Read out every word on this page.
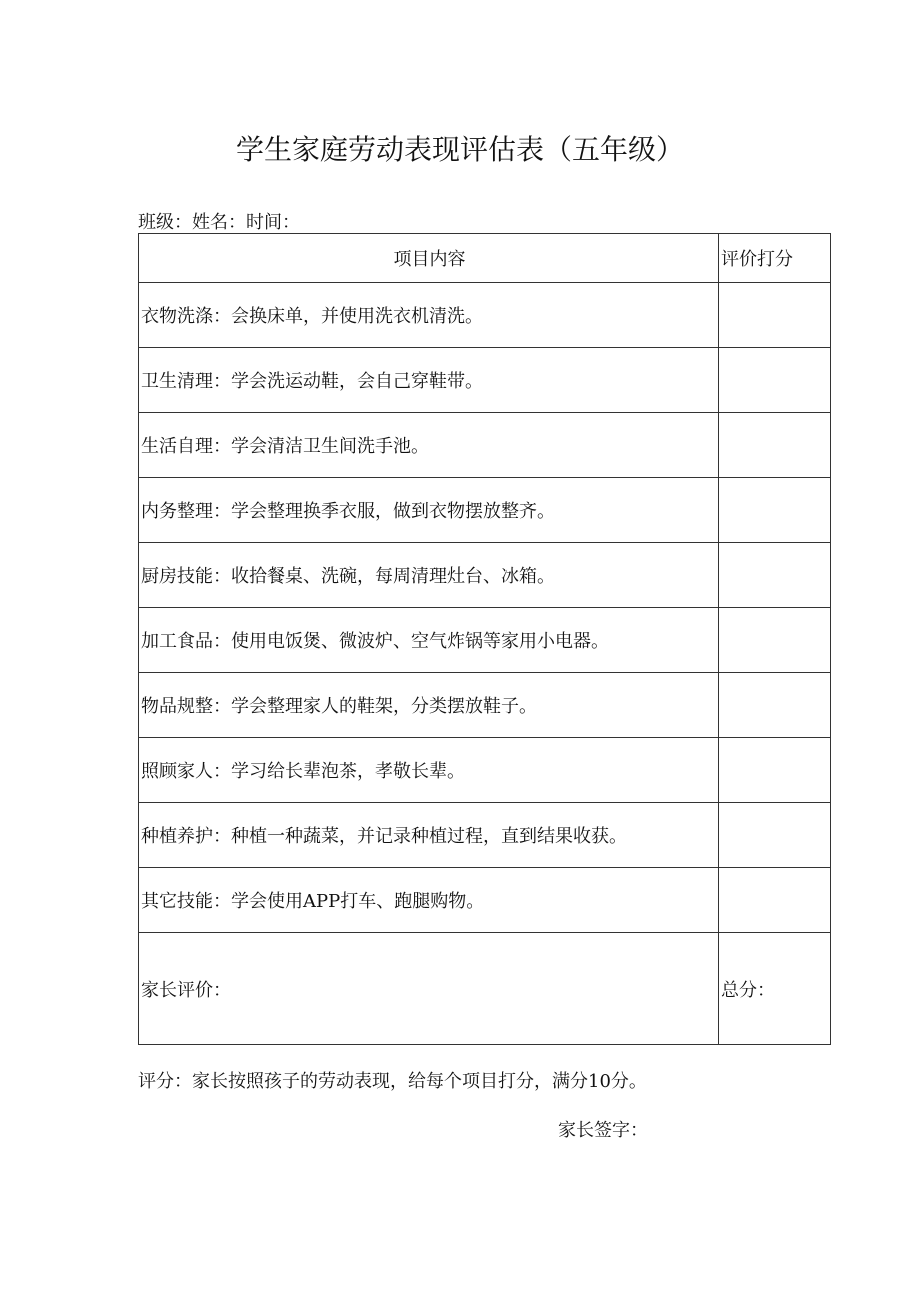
学生家庭劳动表现评估表（五年级）
班级：姓名：时间：
项目内容	评价打分
衣物洗涤：会换床单，并使用洗衣机清洗。	
卫生清理：学会洗运动鞋，会自己穿鞋带。	
生活自理：学会清洁卫生间洗手池。	
内务整理：学会整理换季衣服，做到衣物摆放整齐。	
厨房技能：收拾餐桌、洗碗，每周清理灶台、冰箱。	
加工食品：使用电饭煲、微波炉、空气炸锅等家用小电器。	
物品规整：学会整理家人的鞋架，分类摆放鞋子。	
照顾家人：学习给长辈泡茶，孝敬长辈。	
种植养护：种植一种蔬菜，并记录种植过程，直到结果收获。	
其它技能：学会使用APP打车、跑腿购物。	
家长评价：	总分：
评分：家长按照孩子的劳动表现，给每个项目打分，满分10分。
家长签字：
